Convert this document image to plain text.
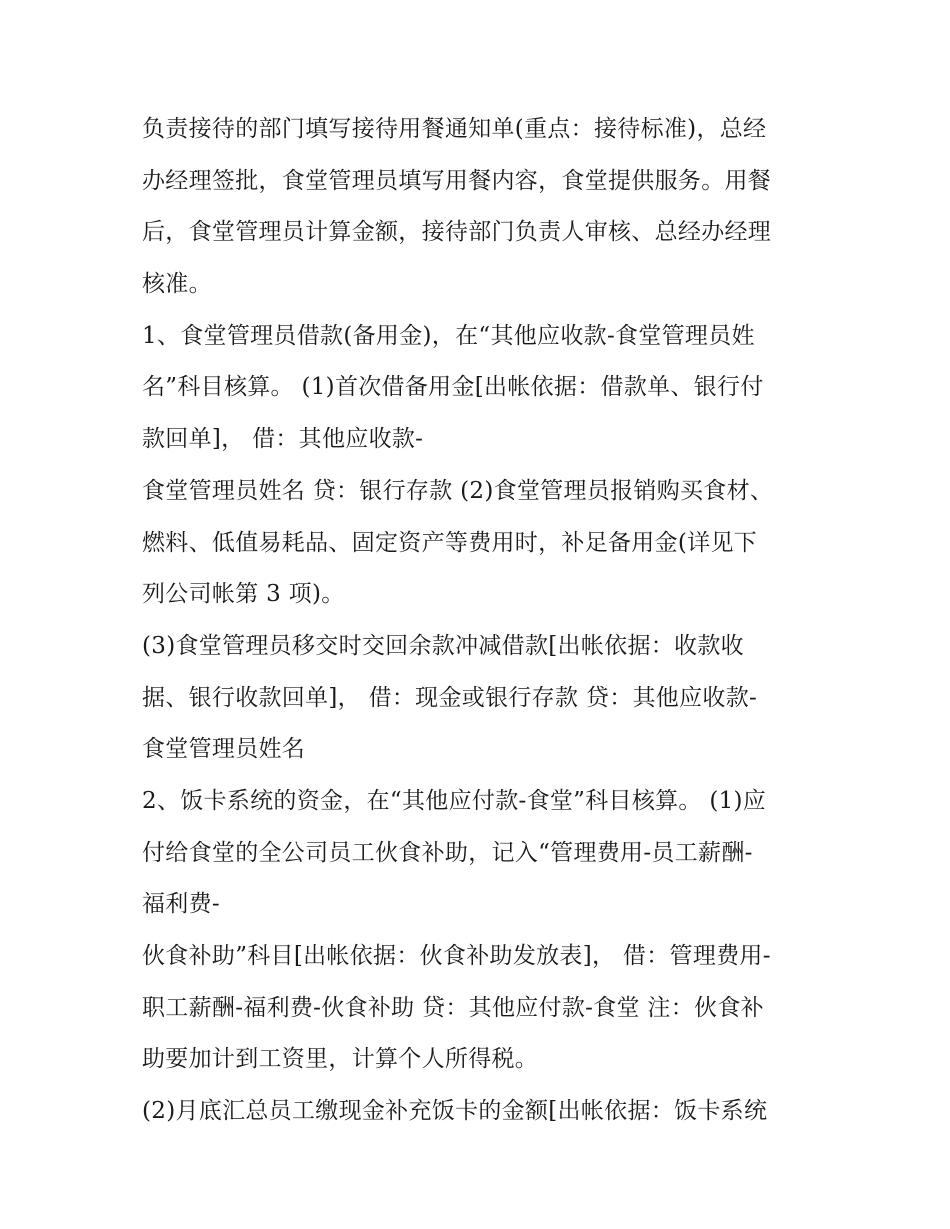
负责接待的部门填写接待用餐通知单(重点：接待标准)，总经
办经理签批，食堂管理员填写用餐内容，食堂提供服务。用餐
后，食堂管理员计算金额，接待部门负责人审核、总经办经理
核准。
1、食堂管理员借款(备用金)，在“其他应收款-食堂管理员姓
名”科目核算。 (1)首次借备用金[出帐依据：借款单、银行付
款回单]， 借：其他应收款-
食堂管理员姓名 贷：银行存款 (2)食堂管理员报销购买食材、
燃料、低值易耗品、固定资产等费用时，补足备用金(详见下
列公司帐第 3 项)。
(3)食堂管理员移交时交回余款冲减借款[出帐依据：收款收
据、银行收款回单]， 借：现金或银行存款 贷：其他应收款-
食堂管理员姓名
2、饭卡系统的资金，在“其他应付款-食堂”科目核算。 (1)应
付给食堂的全公司员工伙食补助，记入“管理费用-员工薪酬-
福利费-
伙食补助”科目[出帐依据：伙食补助发放表]， 借：管理费用-
职工薪酬-福利费-伙食补助 贷：其他应付款-食堂 注：伙食补
助要加计到工资里，计算个人所得税。
(2)月底汇总员工缴现金补充饭卡的金额[出帐依据：饭卡系统
